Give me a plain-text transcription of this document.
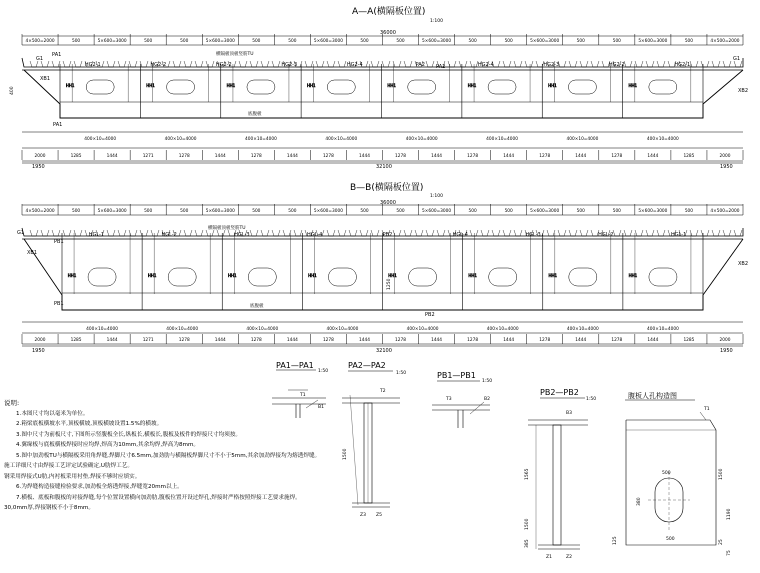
A—A(横隔板位置)
1:100
36000
4×500=2000	500	5×600=3000	500	500	5×600=3000	500	500	5×600=3000	500	500	5×600=3000	500	500	5×600=3000	500	500	5×600=3000	500	4×500=2000
HH1	HH1	HH1	HH1	HH1	HH1	HH1	HH1
HG2-1	HG2-2	HG2-2	HG2-3	HG2-4	PA2	HG2-4	HG2-3	HG2-2	HG2-1
PA1
PA1
PA2
G1	G1
XB1
XB2
横隔板顶板竖筋TU
底腹板
400
400×10=4000	400×10=4000	400×10=4000	400×10=4000	400×10=4000	400×10=4000	400×10=4000	400×10=4000
2000	1285	1444	1271	1278	1444	1278	1444	1278	1444	1278	1444	1278	1444	1278	1444	1278	1444	1285	2000
1950	32100	1950
B—B(横隔板位置)
1:100
36000
4×500=2000	500	5×600=3000	500	500	5×600=3000	500	500	5×600=3000	500	500	5×600=3000	500	500	5×600=3000	500	500	5×600=3000	500	4×500=2000
HH1	HH1	HH1	HH1	HH1	HH1	HH1	HH1
HGL-1	HGL-2	HGL-3	HGL-4	PB2	HGL-4	HGL-3	HGL-2	HGL-1
PB1
PB1
PB2
G1
XB1
XB2
1250
横隔板顶板竖筋TU
底腹板
400×10=4000	400×10=4000	400×10=4000	400×10=4000	400×10=4000	400×10=4000	400×10=4000	400×10=4000
2000	1285	1444	1271	1278	1444	1278	1444	1278	1444	1278	1444	1278	1444	1278	1444	1278	1444	1285	2000
1950	32100	1950
PA1—PA1
1:50
T1
B1
PA2—PA2
1:50
1500
Z3 Z5
T2
PB1—PB1
1:50
T3	B2
PB2—PB2
1:50
1565
1500
385
Z1	Z2
B3
腹板人孔构造图
500	1500
380
1190
500
T1
25
75
125
说明:
1.本图尺寸均以毫米为单位。
2.箱梁底板横坡水平,顶板横坡,顶板横坡设置1.5%的横坡。
3.图中尺寸为前板尺寸,下图所示竖腹板全长,纵板长,横板长,腹板及板件的焊接尺寸均须按。
4.翼缘板与底板横板焊接时应均焊,焊高为10mm,其余均焊,焊高为8mm。
5.图中加劲板TU与横隔板采用角焊缝,焊脚尺寸6.5mm,加劲肋与横隔板焊脚尺寸不小于5mm,其余加劲焊接均为熔透焊缝。
施工详细尺寸由焊接工艺评定试验确定,U肋焊工艺。
钢采用焊接式U肋,内衬板采用衬垫,焊接不够时应填实。
6.为焊缝构造接缝检验要求,加劲板全熔透焊接,焊缝宽20mm以上。
7.横板、底板和腹板的对接焊缝,每个位置设置横向加劲肋,腹板位置开设过焊孔,焊接时严格按照焊接工艺要求施焊。
30,0mm厚,焊接钢板不小于8mm。
